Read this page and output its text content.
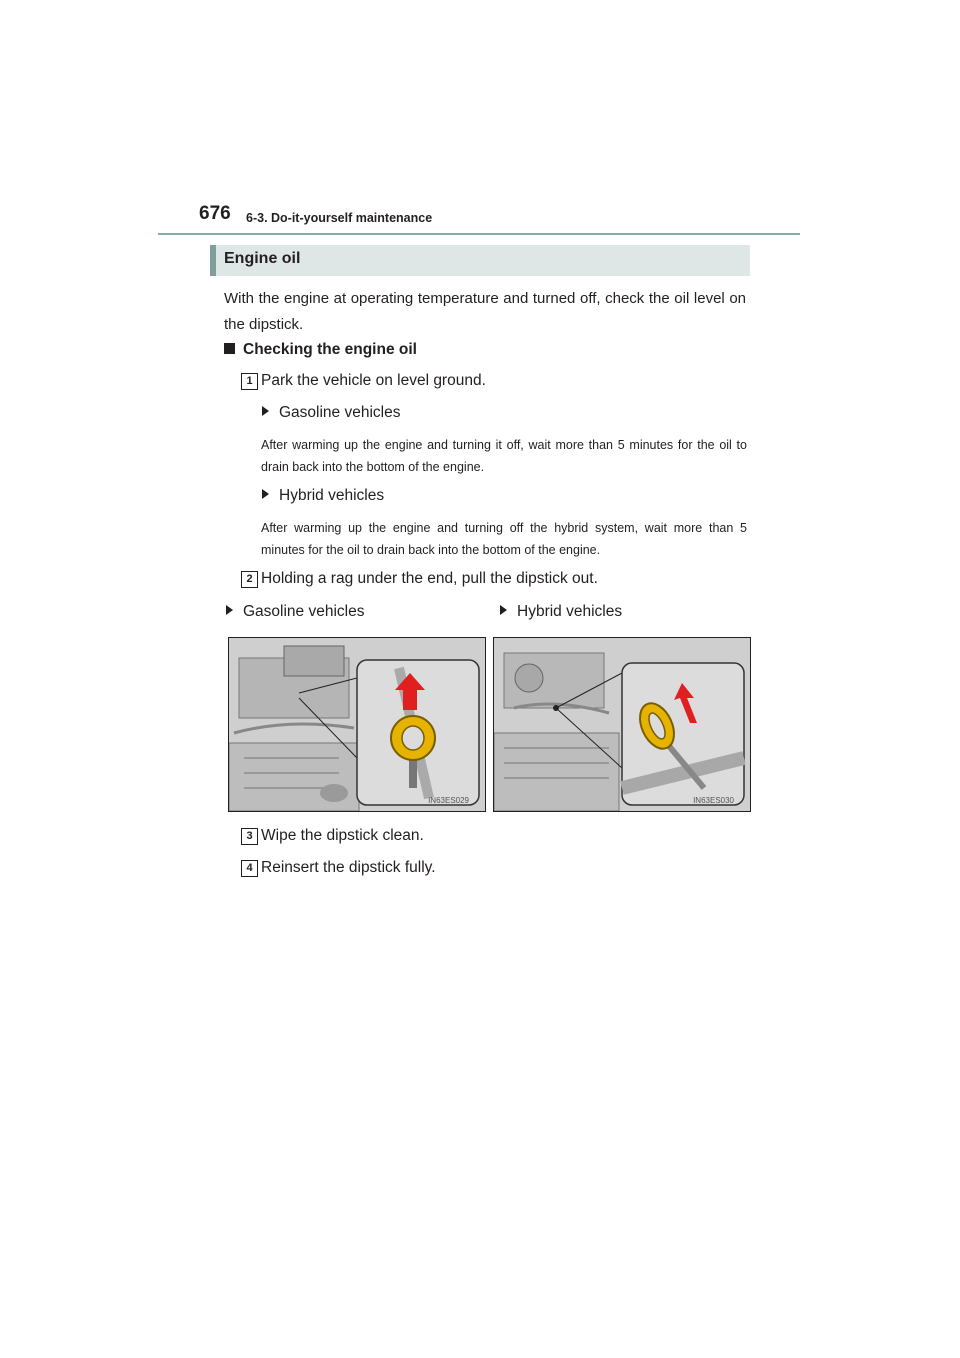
676 6-3. Do-it-yourself maintenance
Engine oil
With the engine at operating temperature and turned off, check the oil level on the dipstick.
Checking the engine oil
1 Park the vehicle on level ground.
Gasoline vehicles
After warming up the engine and turning it off, wait more than 5 minutes for the oil to drain back into the bottom of the engine.
Hybrid vehicles
After warming up the engine and turning off the hybrid system, wait more than 5 minutes for the oil to drain back into the bottom of the engine.
2 Holding a rag under the end, pull the dipstick out.
Gasoline vehicles	Hybrid vehicles
IN63ES029	IN63ES030
3 Wipe the dipstick clean.
4 Reinsert the dipstick fully.
